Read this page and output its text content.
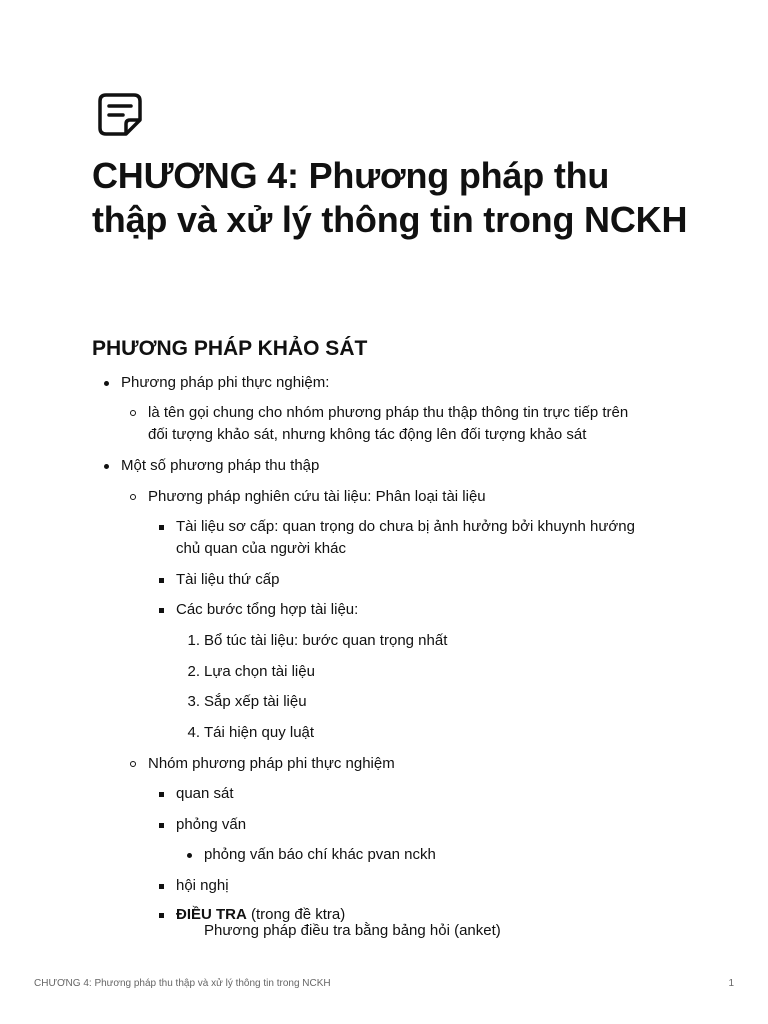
CHƯƠNG 4: Phương pháp thu thập và xử lý thông tin trong NCKH
PHƯƠNG PHÁP KHẢO SÁT
Phương pháp phi thực nghiệm:
là tên gọi chung cho nhóm phương pháp thu thập thông tin trực tiếp trên
đối tượng khảo sát, nhưng không tác động lên đối tượng khảo sát
Một số phương pháp thu thập
Phương pháp nghiên cứu tài liệu: Phân loại tài liệu
Tài liệu sơ cấp: quan trọng do chưa bị ảnh hưởng bởi khuynh hướng
chủ quan của người khác
Tài liệu thứ cấp
Các bước tổng hợp tài liệu:
1. Bổ túc tài liệu: bước quan trọng nhất
2. Lựa chọn tài liệu
3. Sắp xếp tài liệu
4. Tái hiện quy luật
Nhóm phương pháp phi thực nghiệm
quan sát
phỏng vấn
phỏng vấn báo chí khác pvan nckh
hội nghị
ĐIỀU TRA (trong đề ktra)
Phương pháp điều tra bằng bảng hỏi (anket)
CHƯƠNG 4: Phương pháp thu thập và xử lý thông tin trong NCKH	1
